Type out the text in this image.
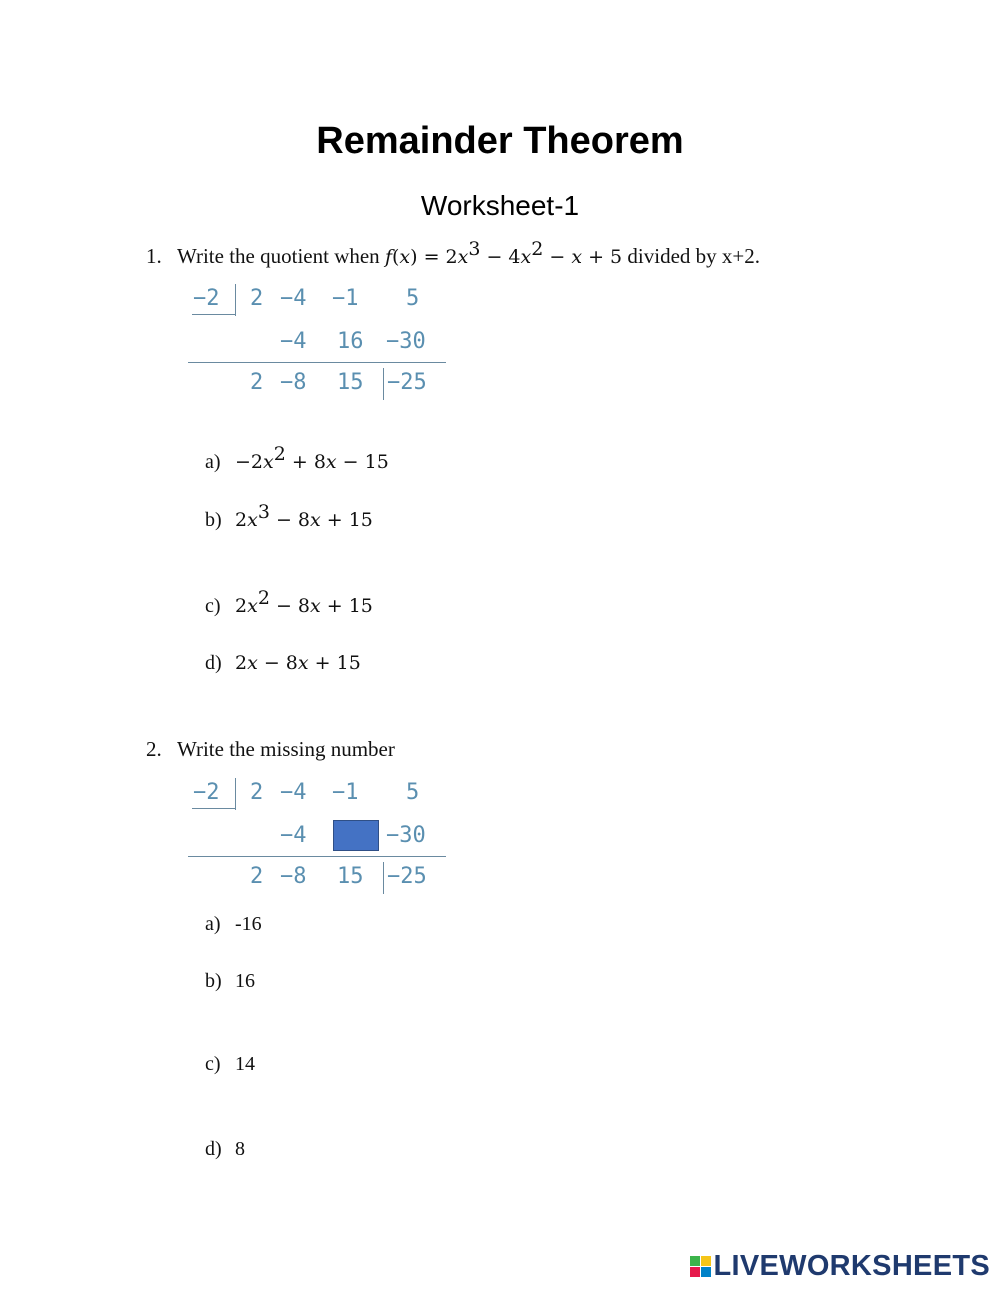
Remainder Theorem
Worksheet-1
1. Write the quotient when $f(x) = 2x^3 - 4x^2 - x + 5$ divided by x+2.
−2 2 −4 −1 5
−4 16 −30
2 −8 15 −25
$a) -2x^2 + 8x - 15$
b) $2x^3 - 8x + 15$
c) $2x^2 - 8x + 15$
d) 2x − 8x + 15
2. Write the missing number
−2 2 −4 −1 5
−4	−30
2 −8 15 −25
a) -16
b) 16
c) 14
d) 8
LIVEWORKSHEETS
